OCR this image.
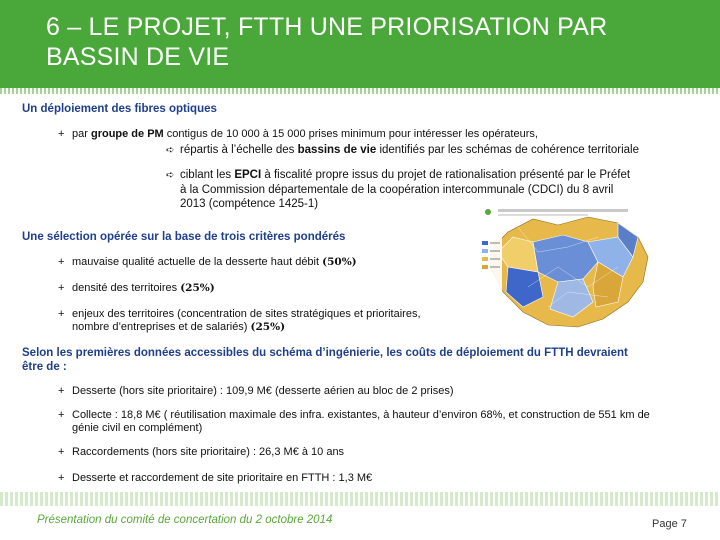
6 – LE PROJET, FTTH UNE PRIORISATION PAR
BASSIN DE VIE
Un déploiement des fibres optiques
+ par groupe de PM contigus de 10 000 à 15 000 prises minimum pour intéresser les opérateurs,
➪ répartis à l’échelle des bassins de vie identifiés par les schémas de cohérence territoriale
➪ ciblant les EPCI à fiscalité propre issus du projet de rationalisation présenté par le Préfet
à la Commission départementale de la coopération intercommunale (CDCI) du 8 avril
2013 (compétence 1425-1)
Une sélection opérée sur la base de trois critères pondérés
+ mauvaise qualité actuelle de la desserte haut débit (50%)
+ densité des territoires (25%)
+ enjeux des territoires (concentration de sites stratégiques et prioritaires,
nombre d’entreprises et de salariés) (25%)
Selon les premières données accessibles du schéma d’ingénierie, les coûts de déploiement du FTTH devraient
être de :
+ Desserte (hors site prioritaire) : 109,9 M€ (desserte aérien au bloc de 2 prises)
+ Collecte : 18,8 M€ ( réutilisation maximale des infra. existantes, à hauteur d’environ 68%, et construction de 551 km de
génie civil en complément)
+ Raccordements (hors site prioritaire) : 26,3 M€ à 10 ans
+ Desserte et raccordement de site prioritaire en FTTH : 1,3 M€
Présentation du comité de concertation du 2 octobre 2014	Page 7
